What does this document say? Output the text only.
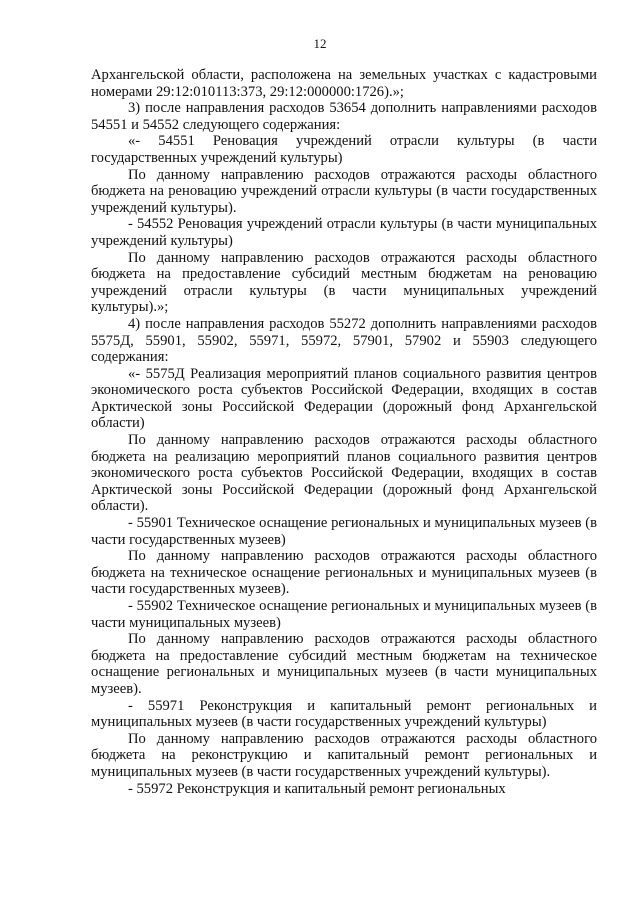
12

Архангельской области, расположена на земельных участках с кадастровыми номерами 29:12:010113:373, 29:12:000000:1726).»;

3) после направления расходов 53654 дополнить направлениями расходов 54551 и 54552 следующего содержания:

«- 54551 Реновация учреждений отрасли культуры (в части государственных учреждений культуры)

По данному направлению расходов отражаются расходы областного бюджета на реновацию учреждений отрасли культуры (в части государственных учреждений культуры).

- 54552 Реновация учреждений отрасли культуры (в части муниципальных учреждений культуры)

По данному направлению расходов отражаются расходы областного бюджета на предоставление субсидий местным бюджетам на реновацию учреждений отрасли культуры (в части муниципальных учреждений культуры).»;

4) после направления расходов 55272 дополнить направлениями расходов 5575Д, 55901, 55902, 55971, 55972, 57901, 57902 и 55903 следующего содержания:

«- 5575Д Реализация мероприятий планов социального развития центров экономического роста субъектов Российской Федерации, входящих в состав Арктической зоны Российской Федерации (дорожный фонд Архангельской области)

По данному направлению расходов отражаются расходы областного бюджета на реализацию мероприятий планов социального развития центров экономического роста субъектов Российской Федерации, входящих в состав Арктической зоны Российской Федерации (дорожный фонд Архангельской области).

- 55901 Техническое оснащение региональных и муниципальных музеев (в части государственных музеев)

По данному направлению расходов отражаются расходы областного бюджета на техническое оснащение региональных и муниципальных музеев (в части государственных музеев).

- 55902 Техническое оснащение региональных и муниципальных музеев (в части муниципальных музеев)

По данному направлению расходов отражаются расходы областного бюджета на предоставление субсидий местным бюджетам на техническое оснащение региональных и муниципальных музеев (в части муниципальных музеев).

- 55971 Реконструкция и капитальный ремонт региональных и муниципальных музеев (в части государственных учреждений культуры)

По данному направлению расходов отражаются расходы областного бюджета на реконструкцию и капитальный ремонт региональных и муниципальных музеев (в части государственных учреждений культуры).

- 55972 Реконструкция и капитальный ремонт региональных
